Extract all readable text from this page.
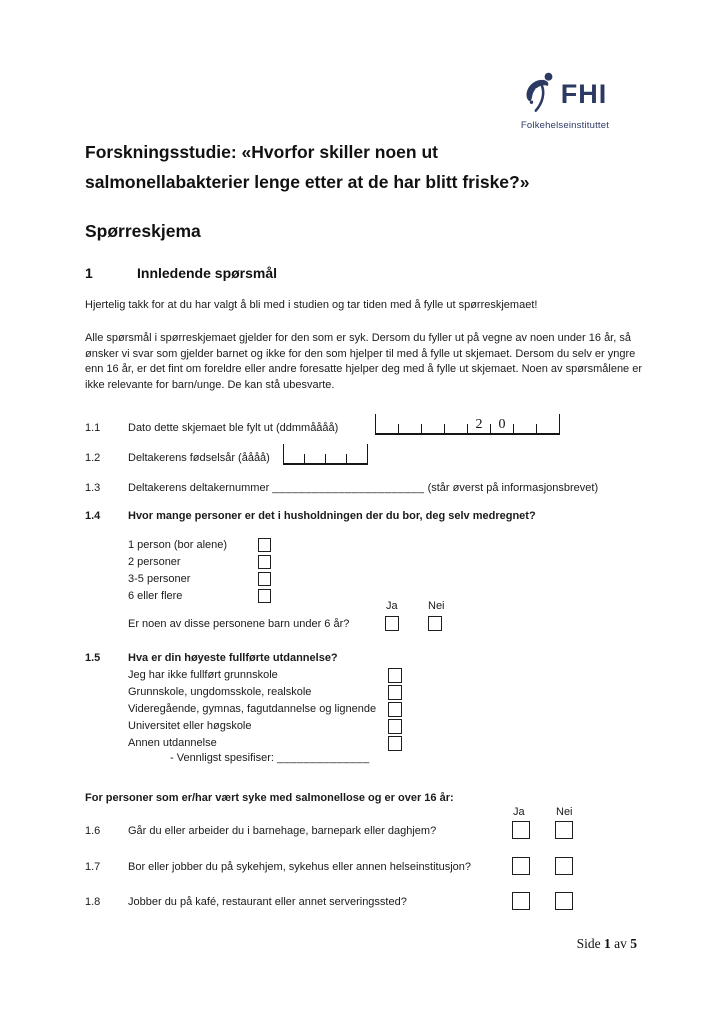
FHI
Folkehelseinstituttet
Forskningsstudie: «Hvorfor skiller noen ut salmonellabakterier lenge etter at de har blitt friske?»
Spørreskjema
1	Innledende spørsmål
Hjertelig takk for at du har valgt å bli med i studien og tar tiden med å fylle ut spørreskjemaet!
Alle spørsmål i spørreskjemaet gjelder for den som er syk. Dersom du fyller ut på vegne av noen under 16 år, så ønsker vi svar som gjelder barnet og ikke for den som hjelper til med å fylle ut skjemaet. Dersom du selv er yngre enn 16 år, er det fint om foreldre eller andre foresatte hjelper deg med å fylle ut skjemaet. Noen av spørsmålene er ikke relevante for barn/unge. De kan stå ubesvarte.
1.1	Dato dette skjemaet ble fylt ut (ddmmåååå)	2	0
1.2	Deltakerens fødselsår (åååå)
1.3	Deltakerens deltakernummer _______________________ (står øverst på informasjonsbrevet)
1.4	Hvor mange personer er det i husholdningen der du bor, deg selv medregnet?
1 person (bor alene)
2 personer
3-5 personer
6 eller flere
Ja	Nei
Er noen av disse personene barn under 6 år?
1.5	Hva er din høyeste fullførte utdannelse?
Jeg har ikke fullført grunnskole
Grunnskole, ungdomsskole, realskole
Videregående, gymnas, fagutdannelse og lignende
Universitet eller høgskole
Annen utdannelse
- Vennligst spesifiser: ______________
For personer som er/har vært syke med salmonellose og er over 16 år:
Ja	Nei
1.6	Går du eller arbeider du i barnehage, barnepark eller daghjem?
1.7	Bor eller jobber du på sykehjem, sykehus eller annen helseinstitusjon?
1.8	Jobber du på kafé, restaurant eller annet serveringssted?
Side 1 av 5
